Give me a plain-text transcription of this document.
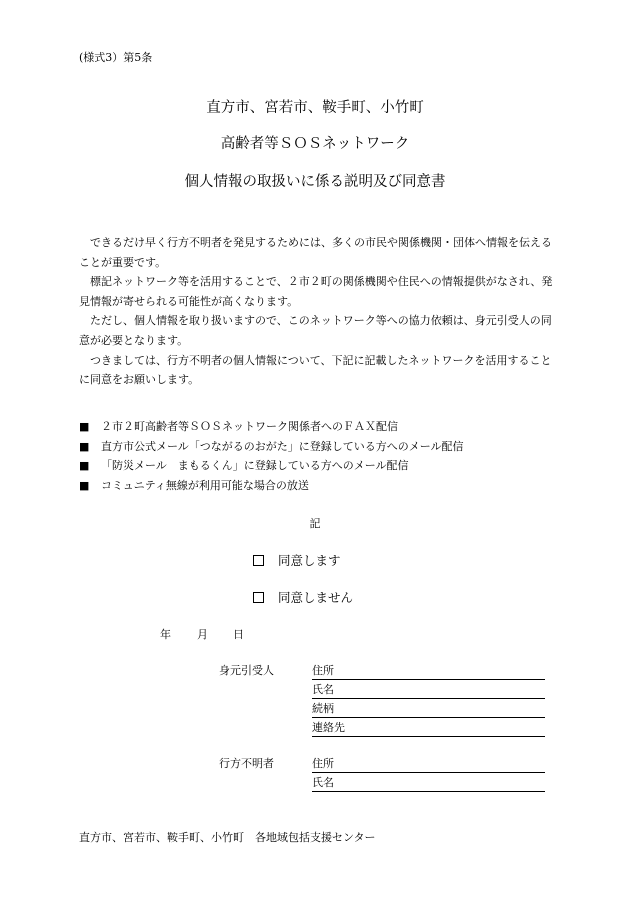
(様式3）第5条
直方市、宮若市、鞍手町、小竹町
高齢者等ＳＯＳネットワーク
個人情報の取扱いに係る説明及び同意書

できるだけ早く行方不明者を発見するためには、多くの市民や関係機関・団体へ情報を伝えることが重要です。

標記ネットワーク等を活用することで、２市２町の関係機関や住民への情報提供がなされ、発見情報が寄せられる可能性が高くなります。

ただし、個人情報を取り扱いますので、このネットワーク等への協力依頼は、身元引受人の同意が必要となります。

つきましては、行方不明者の個人情報について、下記に記載したネットワークを活用することに同意をお願いします。

■ ２市２町高齢者等ＳＯＳネットワーク関係者へのＦＡＸ配信
■ 直方市公式メール「つながるのおがた」に登録している方へのメール配信
■ 「防災メール　まもるくん」に登録している方へのメール配信
■ コミュニティ無線が利用可能な場合の放送
記
同意します
同意しません
年 月 日
身元引受人	住所
氏名
続柄
連絡先
行方不明者	住所
氏名
直方市、宮若市、鞍手町、小竹町　各地域包括支援センター
